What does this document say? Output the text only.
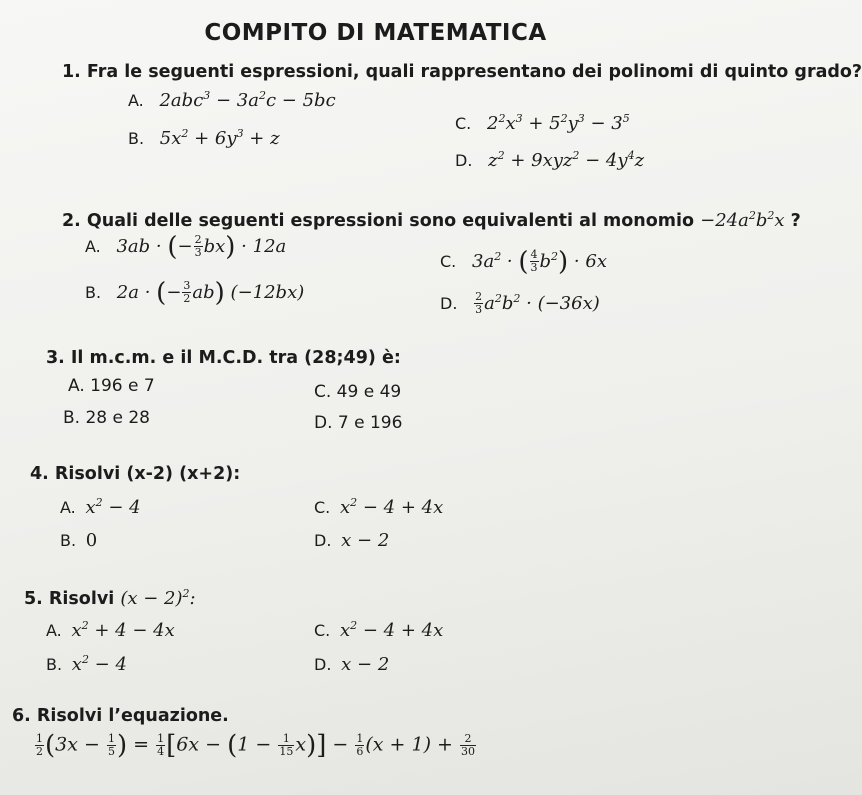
COMPITO DI MATEMATICA
1. Fra le seguenti espressioni, quali rappresentano dei polinomi di quinto grado?
A. $2abc^3 - 3a^2c - 5bc$
B. $5x^2 + 6y^3 + z$
C. $2^2x^3 + 5^2y^3 - 3^5$
D. $z^2 + 9xyz^2 - 4y^4z$
2. Quali delle seguenti espressioni sono equivalenti al monomio $-24a^2b^2x$ ?
A. 3ab · (− $\frac{2}{3} bx) \cdot 12a$
B. 2a · (− $\frac{3}{2} ab$) (−12bx)
C. $3a^2$ · ( $\frac{4}{3} b^2) \cdot 6x$
D. $\frac{2}{3} a^2b^2 \cdot (-36x)$
3. Il m.c.m. e il M.C.D. tra (28;49) è:
A. 196 e 7	C. 49 e 49
B. 28 e 28	D. 7 e 196
4. Risolvi (x-2) (x+2):
A. $x^2 - 4$	C. $x^2 - 4 + 4x$
B. 0	D. x − 2
5. Risolvi $(x - 2)^2$:
A. $x^2 + 4 - 4x$	C. $x^2 - 4 + 4x$
B. $x^2 - 4$	D. x − 2
6. Risolvi l’equazione.
$\frac{1}{2} (3x - \frac{1}{5}$ ) = $\frac{1}{4} [6x - (1 - \frac{1}{15} x)] - \frac{1}{6} (x + 1) + \frac{2}{30}$
